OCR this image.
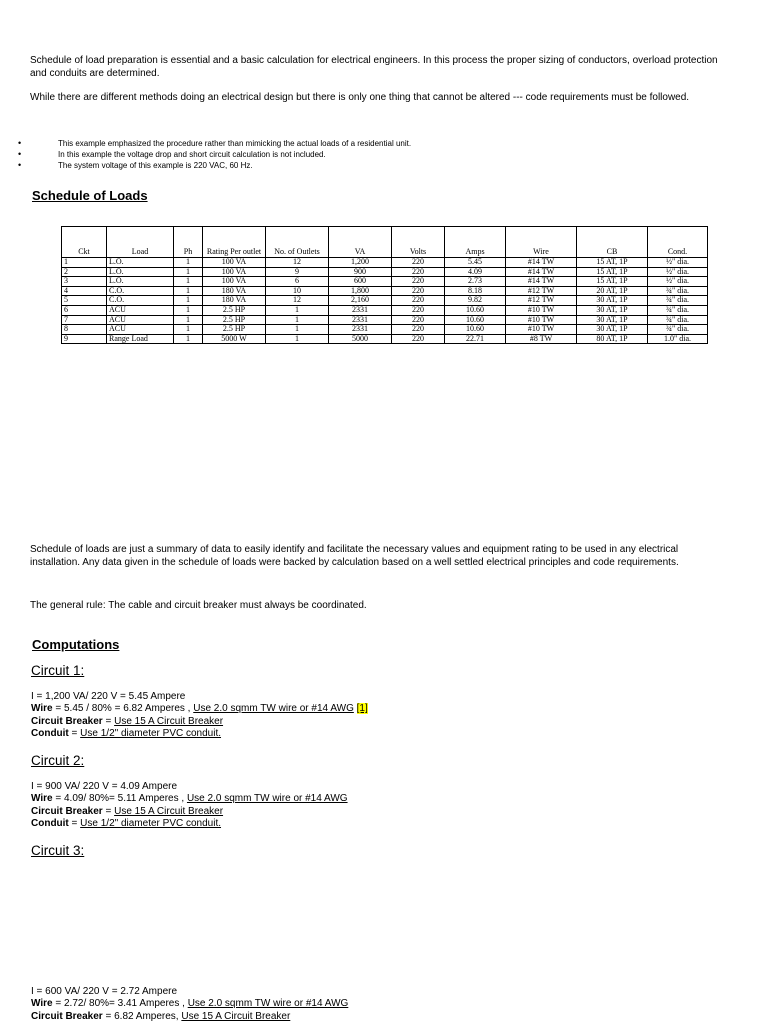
Schedule of load preparation is essential and a basic calculation for electrical engineers. In this process the proper sizing of conductors, overload protection and conduits are determined.
While there are different methods doing an electrical design but there is only one thing that cannot be altered --- code requirements must be followed.
•	This example emphasized the procedure rather than mimicking the actual loads of a residential unit.
•	In this example the voltage drop and short circuit calculation is not included.
•	The system voltage of this example is 220 VAC, 60 Hz.
Schedule of Loads
Ckt	Load	Ph	Rating Per outlet	No. of Outlets	VA	Volts	Amps	Wire	CB	Cond.
1	L.O.	1	100 VA	12	1,200	220	5.45	#14 TW	15 AT, 1P	½" dia.
2	L.O.	1	100 VA	9	900	220	4.09	#14 TW	15 AT, 1P	½" dia.
3	L.O.	1	100 VA	6	600	220	2.73	#14 TW	15 AT, 1P	½" dia.
4	C.O.	1	180 VA	10	1,800	220	8.18	#12 TW	20 AT, 1P	¾" dia.
5	C.O.	1	180 VA	12	2,160	220	9.82	#12 TW	30 AT, 1P	¾" dia.
6	ACU	1	2.5 HP	1	2331	220	10.60	#10 TW	30 AT, 1P	¾" dia.
7	ACU	1	2.5 HP	1	2331	220	10.60	#10 TW	30 AT, 1P	¾" dia.
8	ACU	1	2.5 HP	1	2331	220	10.60	#10 TW	30 AT, 1P	¾" dia.
9	Range Load	1	5000 W	1	5000	220	22.71	#8 TW	80 AT, 1P	1.0" dia.
Schedule of loads are just a summary of data to easily identify and facilitate the necessary values and equipment rating to be used in any electrical installation. Any data given in the schedule of loads were backed by calculation based on a well settled electrical principles and code requirements.
The general rule: The cable and circuit breaker must always be coordinated.
Computations
Circuit 1:
I = 1,200 VA/ 220 V = 5.45 Ampere
Wire = 5.45 / 80% = 6.82 Amperes , Use 2.0 sqmm TW wire or #14 AWG [1]
Circuit Breaker = Use 15 A Circuit Breaker
Conduit = Use 1/2" diameter PVC conduit.
Circuit 2:
I = 900 VA/ 220 V = 4.09 Ampere
Wire = 4.09/ 80%= 5.11 Amperes , Use 2.0 sqmm TW wire or #14 AWG
Circuit Breaker = Use 15 A Circuit Breaker
Conduit = Use 1/2" diameter PVC conduit.
Circuit 3:
I = 600 VA/ 220 V = 2.72 Ampere
Wire = 2.72/ 80%= 3.41 Amperes , Use 2.0 sqmm TW wire or #14 AWG
Circuit Breaker = 6.82 Amperes, Use 15 A Circuit Breaker
